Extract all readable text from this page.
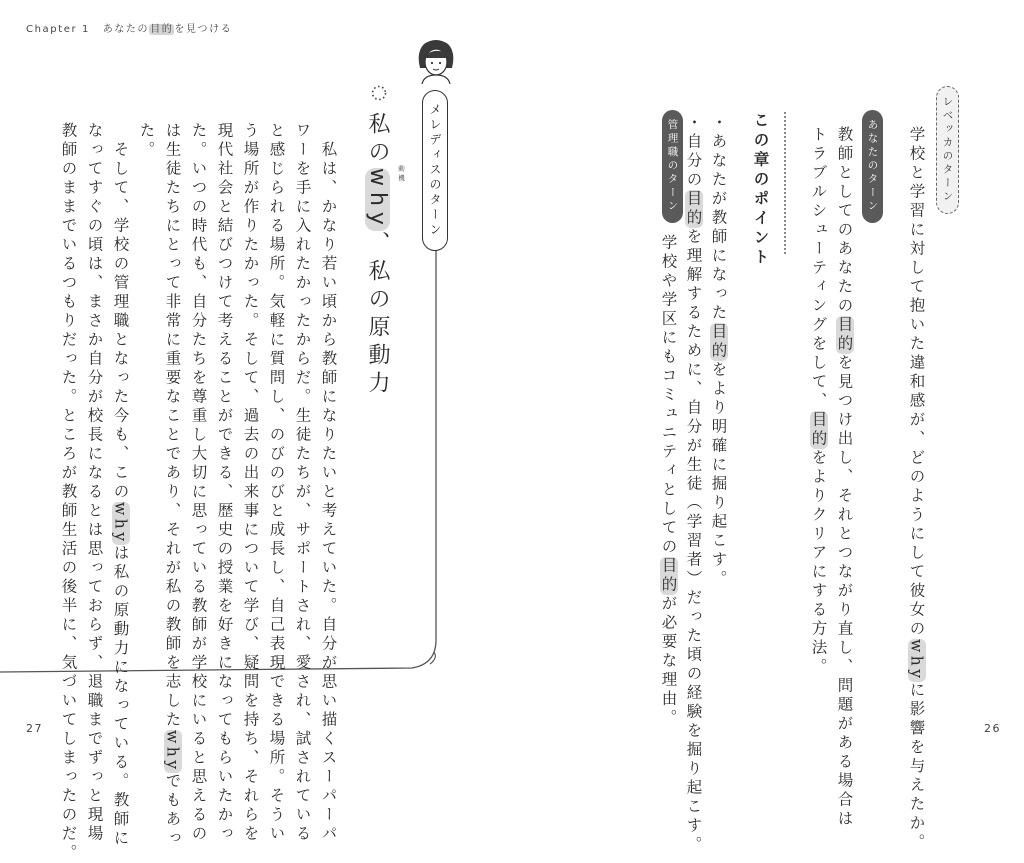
Chapter 1 あなたの目的を見つける
27	26
レベッカのターン
学校と学習に対して抱いた違和感が、どのようにして彼女のwhyに影響を与えたか。
あなたのターン
教師としてのあなたの目的を見つけ出し、それとつながり直し、問題がある場合は
トラブルシューティングをして、目的をよりクリアにする方法。
この章のポイント
・あなたが教師になった目的をより明確に掘り起こす。
・自分の目的を理解するために、自分が生徒（学習者）だった頃の経験を掘り起こす。
管理職のターン
学校や学区にもコミュニティとしての目的が必要な理由。
メレディスのターン
私のwhy、私の原動力
動機
　私は、かなり若い頃から教師になりたいと考えていた。自分が思い描くスーパーパ
ワーを手に入れたかったからだ。生徒たちが、サポートされ、愛され、試されている
と感じられる場所。気軽に質問し、のびのびと成長し、自己表現できる場所。そうい
う場所が作りたかった。そして、過去の出来事について学び、疑問を持ち、それらを
現代社会と結びつけて考えることができる、歴史の授業を好きになってもらいたかっ
た。いつの時代も、自分たちを尊重し大切に思っている教師が学校にいると思えるの
は生徒たちにとって非常に重要なことであり、それが私の教師を志したwhyでもあっ
た。
　そして、学校の管理職となった今も、このwhyは私の原動力になっている。教師に
なってすぐの頃は、まさか自分が校長になるとは思っておらず、退職までずっと現場
教師のままでいるつもりだった。ところが教師生活の後半に、気づいてしまったのだ。
